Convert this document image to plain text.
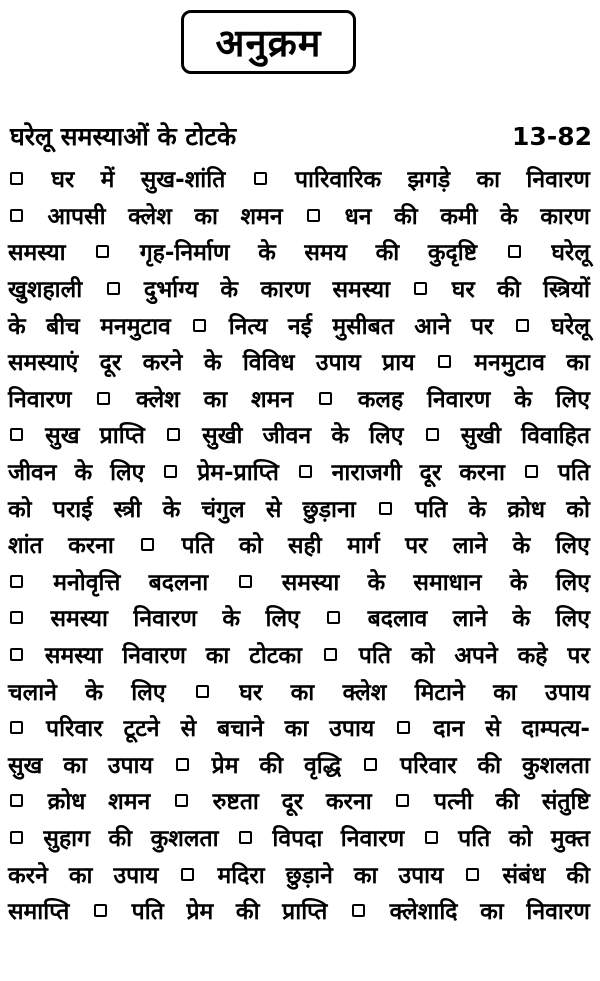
अनुक्रम
घरेलू समस्याओं के टोटके	13-82
घर में सुख-शांति	पारिवारिक झगड़े का निवारण
आपसी क्लेश का शमन	धन की कमी के कारण
समस्या	गृह-निर्माण के समय की कुदृष्टि	घरेलू
खुशहाली	दुर्भाग्य के कारण समस्या	घर की स्त्रियों
के बीच मनमुटाव	नित्य नई मुसीबत आने पर	घरेलू
समस्याएं दूर करने के विविध उपाय प्राय	मनमुटाव का
निवारण	क्लेश का शमन	कलह निवारण के लिए
सुख प्राप्ति सुखी जीवन के लिए सुखी विवाहित
जीवन के लिए प्रेम-प्राप्ति नाराजगी दूर करना पति
को पराई स्त्री के चंगुल से छुड़ाना	पति के क्रोध को
शांत करना	पति को सही मार्ग पर लाने के लिए
मनोवृत्ति बदलना	समस्या के समाधान के लिए
समस्या निवारण के लिए	बदलाव लाने के लिए
समस्या निवारण का टोटका पति को अपने कहे पर
चलाने के लिए	घर का क्लेश मिटाने का उपाय
परिवार टूटने से बचाने का उपाय	दान से दाम्पत्य-
सुख का उपाय	प्रेम की वृद्धि	परिवार की कुशलता
क्रोध शमन	रुष्टता दूर करना	पत्नी की संतुष्टि
सुहाग की कुशलता विपदा निवारण पति को मुक्त
करने का उपाय	मदिरा छुड़ाने का उपाय	संबंध की
समाप्ति	पति प्रेम की प्राप्ति	क्लेशादि का निवारण
